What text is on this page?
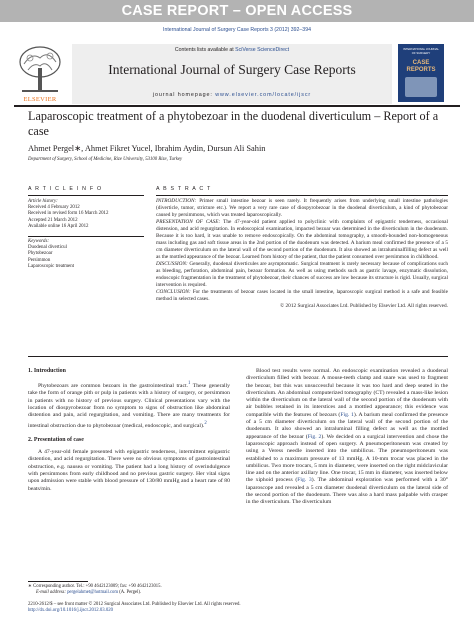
CASE REPORT – OPEN ACCESS
International Journal of Surgery Case Reports 3 (2012) 392–394
ELSEVIER
Contents lists available at SciVerse ScienceDirect
International Journal of Surgery Case Reports
journal homepage: www.elsevier.com/locate/ijscr
INTERNATIONAL JOURNAL OF SURGERY
CASE REPORTS
Laparoscopic treatment of a phytobezoar in the duodenal diverticulum – Report of a case
Ahmet Pergel∗, Ahmet Fikret Yucel, Ibrahim Aydin, Dursun Ali Sahin
Department of Surgery, School of Medicine, Rize University, 53100 Rize, Turkey
A R T I C L E I N F O	A B S T R A C T
Article history:
Received 4 February 2012
Received in revised form 16 March 2012
Accepted 21 March 2012
Available online 16 April 2012
Keywords:
Duodenal diverticul
Phytobezoar
Persimmon
Laparoscopic treatment

INTRODUCTION: Primer small intestine bezoar is seen rarely. It frequently arises from underlying small intestine pathologies (diverticle, tumor, stricture etc.). We report a very rare case of diospyrobezoar in the duodenal diverticulum, a kind of phytobezoar caused by persimmons, which was treated laparoscopically.

PRESENTATION OF CASE: The 47-year-old patient applied to polyclinic with complaints of epigastric tenderness, occasional distension, and acid regurgitation. In endoscopical examination, impacted bezoar was determined in the diverticulum in the duodenum. Because it is too hard, it was unable to remove endoscopically. On the abdominal tomography, a smooth-bounded non-homogeneous mass including gas and soft tissue areas in the 2nd portion of the duodenum was detected. A barium meal confirmed the presence of a 5 cm diameter diverticulum on the lateral wall of the second portion of the duodenum. It also showed an intraluminalfilling defect as well as the mottled appearance of the bezoar. Learned from history of the patient, that the patient consumed over persimmon in childhood.

DISCUSSION: Generally, duodenal diverticules are asymptomatic. Surgical treatment is rarely necessary because of complications such as bleeding, perforation, abdominal pain, bezoar formation. As well as using methods such as gastric lavage, enzymatic dissolution, endoscopic fragmentation in the treatment of phytobezoar, their chances of success are low because its structure is rigid. Usually, surgical intervention is required.

CONCLUSION: For the treatments of bezoar cases located in the small intestine, laparoscopic surgical method is a safe and feasible method in selected cases.

© 2012 Surgical Associates Ltd. Published by Elsevier Ltd. All rights reserved.

1. Introduction

Phytobezoars are common bezoars in the gastrointestinal tract.$^1$ These generally take the form of orange pith or pulp in patients with a history of surgery, or persimmon in patients with no history of previous surgery. Clinical presentations vary with the location of diospyrobezoar from no symptom to signs of obstruction like abdominal distention and pain, acid regurgitation, and vomiting. There are many treatments for intestinal obstruction due to phytobezoar (medical, endoscopic, and surgical).$^2$

2. Presentation of case

A 47-year-old female presented with epigastric tenderness, intermittent epigastric distention, and acid regurgitation. There were no obvious symptoms of gastrointestinal obstruction, e.g. nausea or vomiting. The patient had a long history of overindulgence with persimmons from early childhood and no previous gastric surgery. Her vital signs upon admission were stable with blood pressure of 130/80 mmHg and a heart rate of 80 beats/min.

Blood test results were normal. An endoscopic examination revealed a duodenal diverticulum filled with bezoar. A mouse-teeth clamp and snare was used to fragment the bezoar, but this was unsuccessful because it was too hard and deep seated in the diverticulum. An abdominal computerized tomography (CT) revealed a mass-like lesion within the diverticulum on the lateral wall of the second portion of the duodenum with air bubbles retained in its interstices and a mottled appearance; this evidence was compatible with the features of bezoars (Fig. 1). A barium meal confirmed the presence of a 5 cm diameter diverticulum on the lateral wall of the second portion of the duodenum. It also showed an intraluminal filling defect as well as the mottled appearance of the bezoar (Fig. 2). We decided on a surgical intervention and chose the laparoscopic approach instead of open surgery. A pneumoperitoneum was created by using a Veress needle inserted into the umbilicus. The pneumoperitoneum was established to a maximum pressure of 13 mmHg. A 10-mm trocar was placed in the umbilicus. Two more trocars, 5 mm in diameter, were inserted on the right midclavicular line and on the anterior axillary line. One trocar, 15 mm in diameter, was inserted below the xiphoid process (Fig. 3). The abdominal exploration was performed with a 30° laparoscope and revealed a 5 cm diameter duodenal diverticulum on the lateral side of the second portion of the duodenum. There was also a hard mass palpable with crasper in the diverticulum. The diverticulum

∗ Corresponding author. Tel.: +90 4642123009; fax: +90 4642123015.
E-mail address: pergelahmet@hotmail.com (A. Pergel).
2210-2612/$ – see front matter © 2012 Surgical Associates Ltd. Published by Elsevier Ltd. All rights reserved.
http://dx.doi.org/10.1016/j.ijscr.2012.03.020
